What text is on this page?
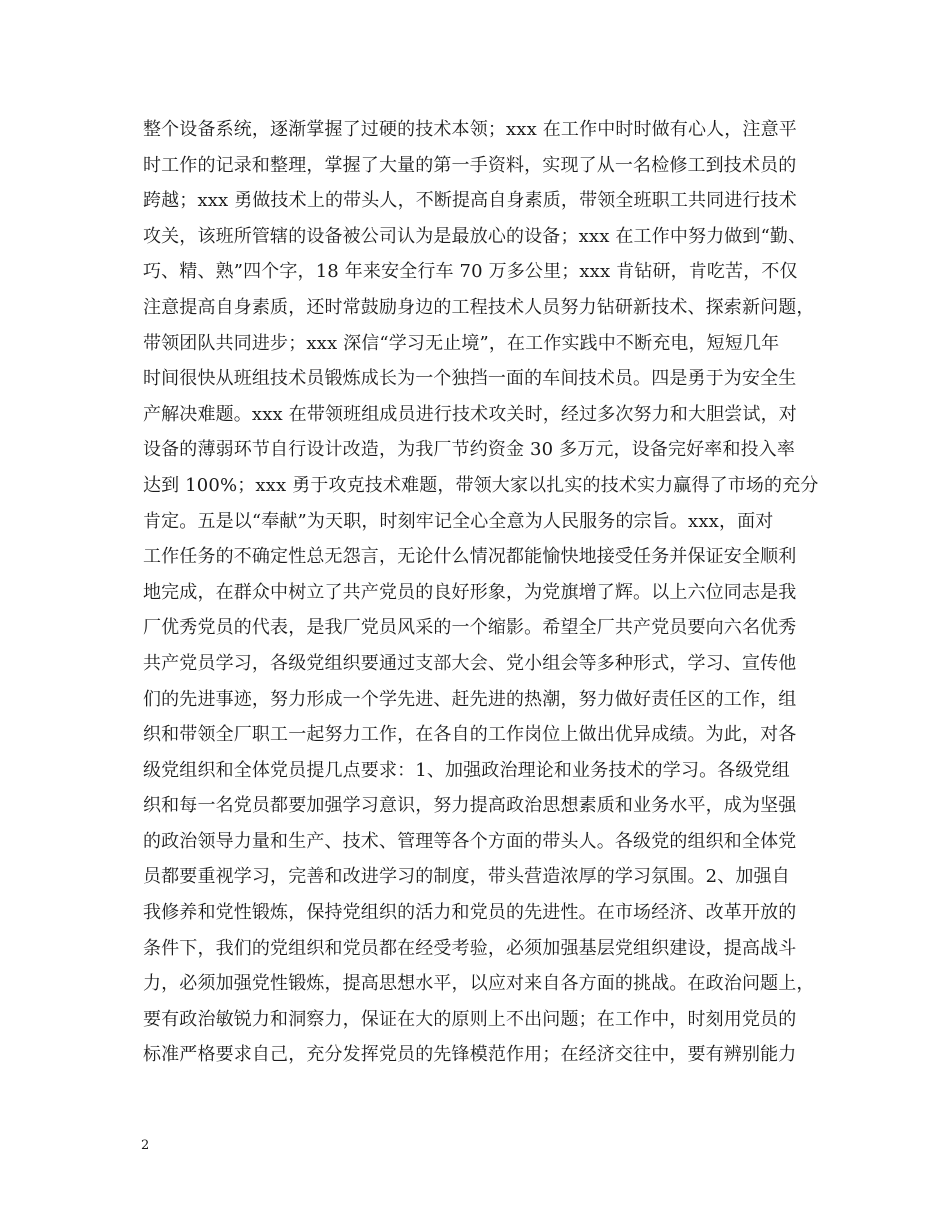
整个设备系统，逐渐掌握了过硬的技术本领；xxx 在工作中时时做有心人，注意平
时工作的记录和整理，掌握了大量的第一手资料，实现了从一名检修工到技术员的
跨越；xxx 勇做技术上的带头人，不断提高自身素质，带领全班职工共同进行技术
攻关，该班所管辖的设备被公司认为是最放心的设备；xxx 在工作中努力做到“勤、
巧、精、熟”四个字，18 年来安全行车 70 万多公里；xxx 肯钻研，肯吃苦，不仅
注意提高自身素质，还时常鼓励身边的工程技术人员努力钻研新技术、探索新问题，
带领团队共同进步；xxx 深信“学习无止境”，在工作实践中不断充电，短短几年
时间很快从班组技术员锻炼成长为一个独挡一面的车间技术员。四是勇于为安全生
产解决难题。xxx 在带领班组成员进行技术攻关时，经过多次努力和大胆尝试，对
设备的薄弱环节自行设计改造，为我厂节约资金 30 多万元，设备完好率和投入率
达到 100%；xxx 勇于攻克技术难题，带领大家以扎实的技术实力赢得了市场的充分
肯定。五是以“奉献”为天职，时刻牢记全心全意为人民服务的宗旨。xxx，面对
工作任务的不确定性总无怨言，无论什么情况都能愉快地接受任务并保证安全顺利
地完成，在群众中树立了共产党员的良好形象，为党旗增了辉。以上六位同志是我
厂优秀党员的代表，是我厂党员风采的一个缩影。希望全厂共产党员要向六名优秀
共产党员学习，各级党组织要通过支部大会、党小组会等多种形式，学习、宣传他
们的先进事迹，努力形成一个学先进、赶先进的热潮，努力做好责任区的工作，组
织和带领全厂职工一起努力工作，在各自的工作岗位上做出优异成绩。为此，对各
级党组织和全体党员提几点要求：1、加强政治理论和业务技术的学习。各级党组
织和每一名党员都要加强学习意识，努力提高政治思想素质和业务水平，成为坚强
的政治领导力量和生产、技术、管理等各个方面的带头人。各级党的组织和全体党
员都要重视学习，完善和改进学习的制度，带头营造浓厚的学习氛围。2、加强自
我修养和党性锻炼，保持党组织的活力和党员的先进性。在市场经济、改革开放的
条件下，我们的党组织和党员都在经受考验，必须加强基层党组织建设，提高战斗
力，必须加强党性锻炼，提高思想水平，以应对来自各方面的挑战。在政治问题上，
要有政治敏锐力和洞察力，保证在大的原则上不出问题；在工作中，时刻用党员的
标准严格要求自己，充分发挥党员的先锋模范作用；在经济交往中，要有辨别能力
2
